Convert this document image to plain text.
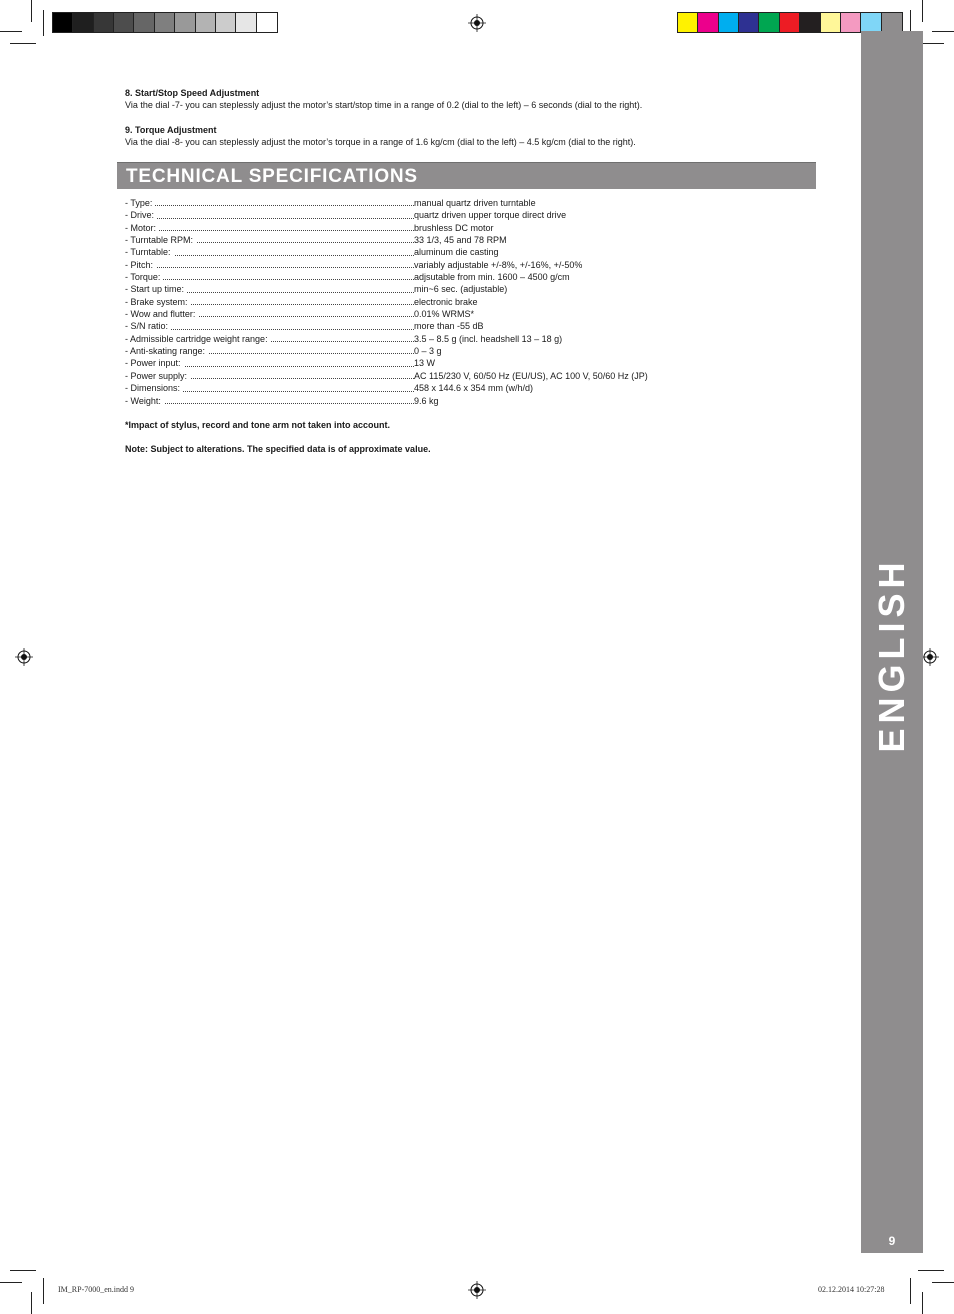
ENGLISH
9
8. Start/Stop Speed Adjustment
Via the dial -7- you can steplessly adjust the motor’s start/stop time in a range of 0.2 (dial to the left) – 6 seconds (dial to the right).
9. Torque Adjustment
Via the dial -8- you can steplessly adjust the motor’s torque in a range of 1.6 kg/cm (dial to the left) – 4.5 kg/cm (dial to the right).
TECHNICAL SPECIFICATIONS
- Type:	manual quartz driven turntable
- Drive:	quartz driven upper torque direct drive
- Motor:	brushless DC motor
- Turntable RPM:	33 1/3, 45 and 78 RPM
- Turntable:	aluminum die casting
- Pitch:	variably adjustable +/-8%, +/-16%, +/-50%
- Torque:	adjsutable from min. 1600 – 4500 g/cm
- Start up time:	min~6 sec. (adjustable)
- Brake system:	electronic brake
- Wow and flutter:	0.01% WRMS*
- S/N ratio:	more than -55 dB
- Admissible cartridge weight range:	3.5 – 8.5 g (incl. headshell 13 – 18 g)
- Anti-skating range:	0 – 3 g
- Power input:	13 W
- Power supply:	AC 115/230 V, 60/50 Hz (EU/US), AC 100 V, 50/60 Hz (JP)
- Dimensions:	458 x 144.6 x 354 mm (w/h/d)
- Weight:	9.6 kg
*Impact of stylus, record and tone arm not taken into account.
Note: Subject to alterations. The specified data is of approximate value.
IM_RP-7000_en.indd 9	02.12.2014 10:27:28
